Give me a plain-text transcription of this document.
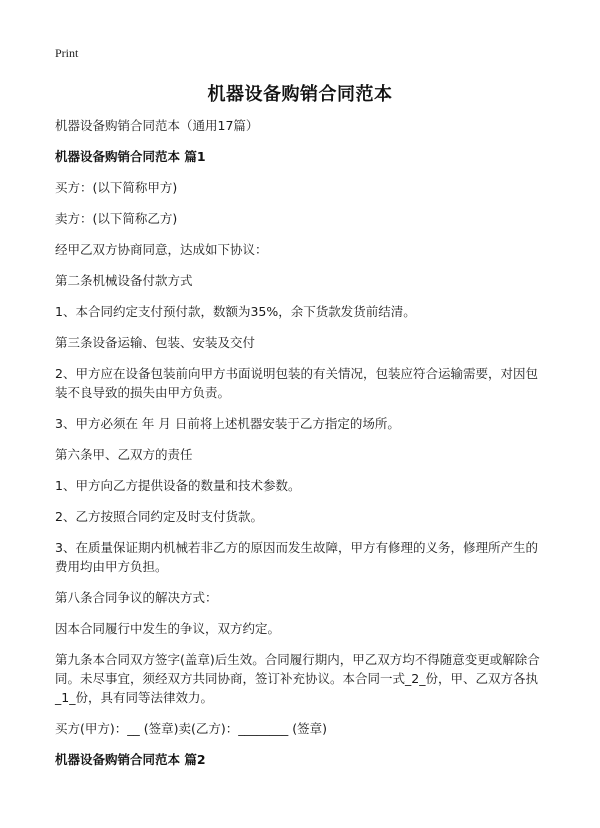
Print
机器设备购销合同范本

机器设备购销合同范本（通用17篇）

机器设备购销合同范本 篇1

买方：(以下简称甲方)

卖方：(以下简称乙方)

经甲乙双方协商同意，达成如下协议：

第二条机械设备付款方式

1、本合同约定支付预付款，数额为35%，余下货款发货前结清。

第三条设备运输、包装、安装及交付

2、甲方应在设备包装前向甲方书面说明包装的有关情况，包装应符合运输需要，对因包装不良导致的损失由甲方负责。

3、甲方必须在 年 月 日前将上述机器安装于乙方指定的场所。

第六条甲、乙双方的责任

1、甲方向乙方提供设备的数量和技术参数。

2、乙方按照合同约定及时支付货款。

3、在质量保证期内机械若非乙方的原因而发生故障，甲方有修理的义务，修理所产生的费用均由甲方负担。

第八条合同争议的解决方式：

因本合同履行中发生的争议，双方约定。

第九条本合同双方签字(盖章)后生效。合同履行期内，甲乙双方均不得随意变更或解除合同。未尽事宜，须经双方共同协商，签订补充协议。本合同一式_2_份，甲、乙双方各执_1_份，具有同等法律效力。

买方(甲方)：__ (签章)卖(乙方)：________ (签章)

机器设备购销合同范本 篇2
